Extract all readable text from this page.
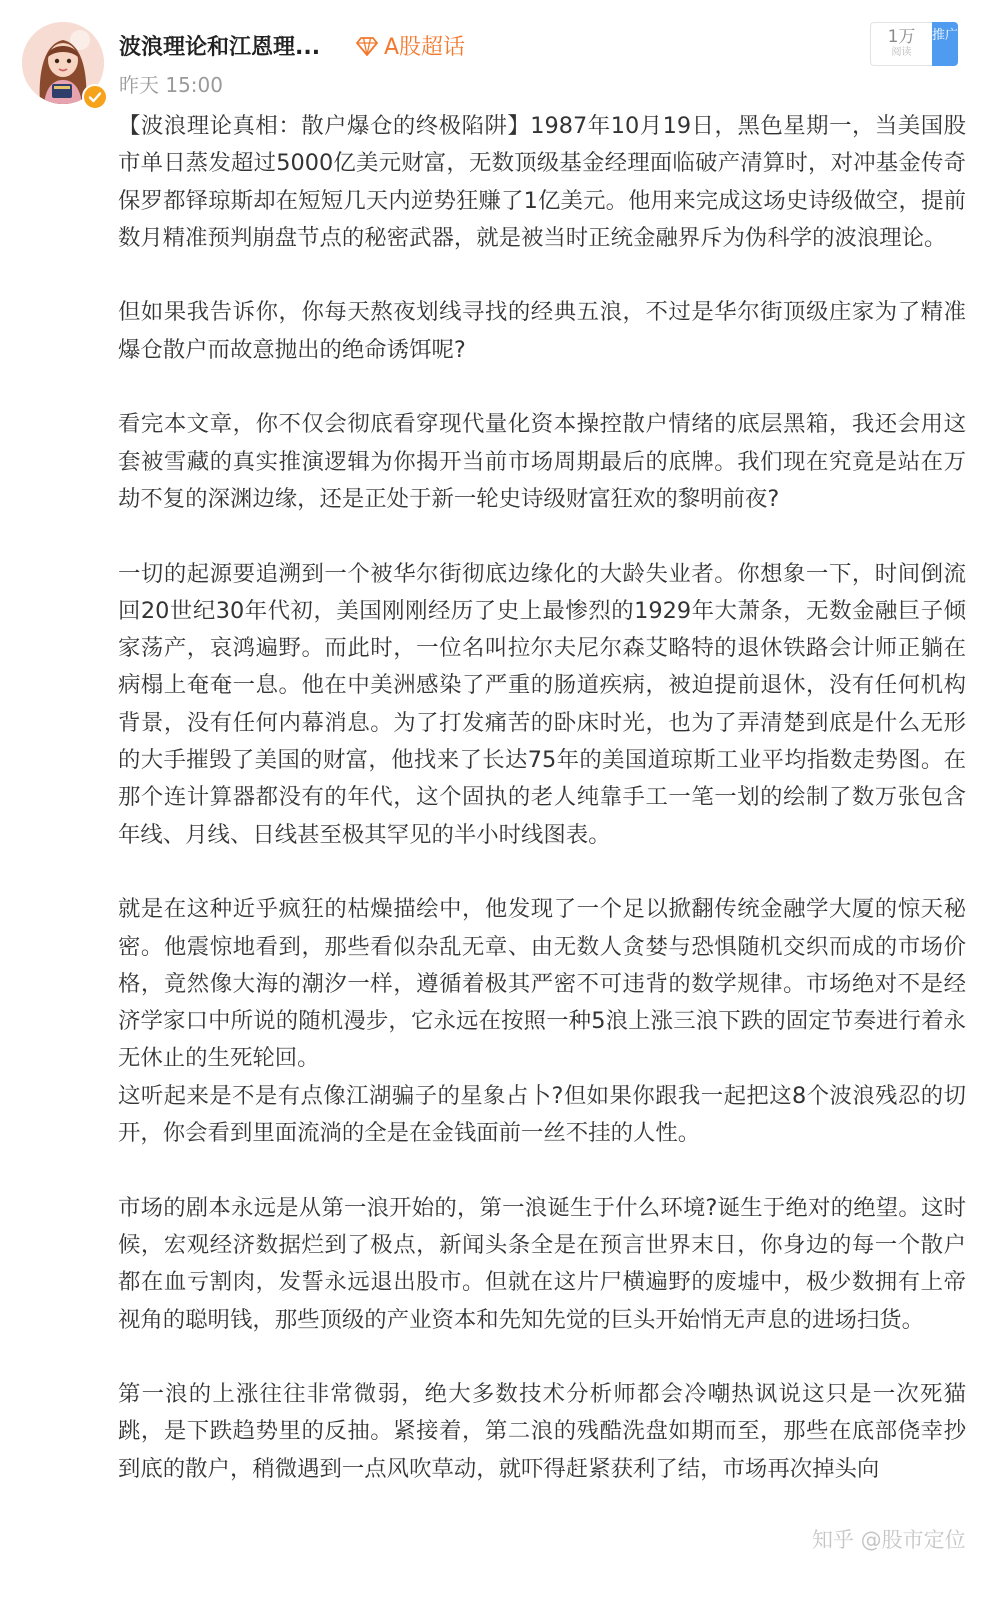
波浪理论和江恩理...	A股超话
昨天 15:00
1万
阅读
推广

【波浪理论真相：散户爆仓的终极陷阱】1987年10月19日，黑色星期一，当美国股市单日蒸发超过5000亿美元财富，无数顶级基金经理面临破产清算时，对冲基金传奇保罗都铎琼斯却在短短几天内逆势狂赚了1亿美元。他用来完成这场史诗级做空，提前数月精准预判崩盘节点的秘密武器，就是被当时正统金融界斥为伪科学的波浪理论。

但如果我告诉你，你每天熬夜划线寻找的经典五浪，不过是华尔街顶级庄家为了精准爆仓散户而故意抛出的绝命诱饵呢?

看完本文章，你不仅会彻底看穿现代量化资本操控散户情绪的底层黑箱，我还会用这套被雪藏的真实推演逻辑为你揭开当前市场周期最后的底牌。我们现在究竟是站在万劫不复的深渊边缘，还是正处于新一轮史诗级财富狂欢的黎明前夜?

一切的起源要追溯到一个被华尔街彻底边缘化的大龄失业者。你想象一下，时间倒流回20世纪30年代初，美国刚刚经历了史上最惨烈的1929年大萧条，无数金融巨子倾家荡产，哀鸿遍野。而此时，一位名叫拉尔夫尼尔森艾略特的退休铁路会计师正躺在病榻上奄奄一息。他在中美洲感染了严重的肠道疾病，被迫提前退休，没有任何机构背景，没有任何内幕消息。为了打发痛苦的卧床时光，也为了弄清楚到底是什么无形的大手摧毁了美国的财富，他找来了长达75年的美国道琼斯工业平均指数走势图。在那个连计算器都没有的年代，这个固执的老人纯靠手工一笔一划的绘制了数万张包含年线、月线、日线甚至极其罕见的半小时线图表。

就是在这种近乎疯狂的枯燥描绘中，他发现了一个足以掀翻传统金融学大厦的惊天秘密。他震惊地看到，那些看似杂乱无章、由无数人贪婪与恐惧随机交织而成的市场价格，竟然像大海的潮汐一样，遵循着极其严密不可违背的数学规律。市场绝对不是经济学家口中所说的随机漫步，它永远在按照一种5浪上涨三浪下跌的固定节奏进行着永无休止的生死轮回。

这听起来是不是有点像江湖骗子的星象占卜?但如果你跟我一起把这8个波浪残忍的切开，你会看到里面流淌的全是在金钱面前一丝不挂的人性。

市场的剧本永远是从第一浪开始的，第一浪诞生于什么环境?诞生于绝对的绝望。这时候，宏观经济数据烂到了极点，新闻头条全是在预言世界末日，你身边的每一个散户都在血亏割肉，发誓永远退出股市。但就在这片尸横遍野的废墟中，极少数拥有上帝视角的聪明钱，那些顶级的产业资本和先知先觉的巨头开始悄无声息的进场扫货。

第一浪的上涨往往非常微弱，绝大多数技术分析师都会冷嘲热讽说这只是一次死猫跳，是下跌趋势里的反抽。紧接着，第二浪的残酷洗盘如期而至，那些在底部侥幸抄到底的散户，稍微遇到一点风吹草动，就吓得赶紧获利了结，市场再次掉头向

知乎 @股市定位
